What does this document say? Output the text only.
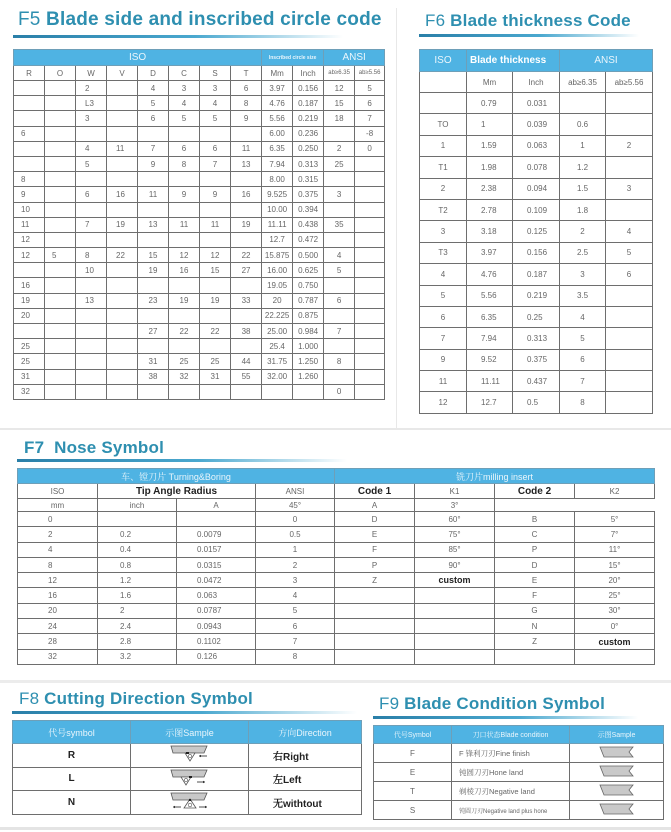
F5 Blade side and inscribed circle code
ISO								Inscribed circle size		ANSI	
R	O	W	V	D	C	S	T	Mm	Inch	ab≥6.35	ab≥5.56
		2		4	3	3	6	3.97	0.156	12	5
		L3		5	4	4	8	4.76	0.187	15	6
		3		6	5	5	9	5.56	0.219	18	7
6								6.00	0.236		-8
		4	11	7	6	6	11	6.35	0.250	2	0
		5		9	8	7	13	7.94	0.313	25	
8								8.00	0.315		
9		6	16	11	9	9	16	9.525	0.375	3	
10								10.00	0.394		
11		7	19	13	11	11	19	11.11	0.438	35	
12								12.7	0.472		
12	5	8	22	15	12	12	22	15.875	0.500	4	
		10		19	16	15	27	16.00	0.625	5	
16								19.05	0.750		
19		13		23	19	19	33	20	0.787	6	
20								22.225	0.875		
				27	22	22	38	25.00	0.984	7	
25								25.4	1.000		
25				31	25	25	44	31.75	1.250	8	
31				38	32	31	55	32.00	1.260		
32										0	
F6 Blade thickness Code
ISO	Blade thickness		ANSI	
	Mm	Inch	ab≥6.35	ab≥5.56
	0.79	0.031		
TO	1	0.039	0.6	
1	1.59	0.063	1	2
T1	1.98	0.078	1.2	
2	2.38	0.094	1.5	3
T2	2.78	0.109	1.8	
3	3.18	0.125	2	4
T3	3.97	0.156	2.5	5
4	4.76	0.187	3	6
5	5.56	0.219	3.5	
6	6.35	0.25	4	
7	7.94	0.313	5	
9	9.52	0.375	6	
11	11.11	0.437	7	
12	12.7	0.5	8	
F7  Nose Symbol
车、镗刀片 Turning&Boring				铣刀片milling insert			
ISO	Tip Angle Radius		ANSI	Code 1	K1	Code 2	K2
mm	inch	A	45°	A	3°		
0			0	D	60°	B	5°
2	0.2	0.0079	0.5	E	75°	C	7°
4	0.4	0.0157	1	F	85°	P	11°
8	0.8	0.0315	2	P	90°	D	15°
12	1.2	0.0472	3	Z	custom	E	20°
16	1.6	0.063	4			F	25°
20	2	0.0787	5			G	30°
24	2.4	0.0943	6			N	0°
28	2.8	0.1102	7			Z	custom
32	3.2	0.126	8				
F8 Cutting Direction Symbol
代号symbol	示图Sample	方向Direction
R		右Right
L		左Left
N		无withtout
F9 Blade Condition Symbol
代号Symbol	刀口状态Blade condition	示图Sample
F	F 锋利刀刃Fine finish	
E	钝圆刀刃Hone land	
T	剃棱刀刃Negative land	
S	钝圆刀刃Negative land plus hone	
